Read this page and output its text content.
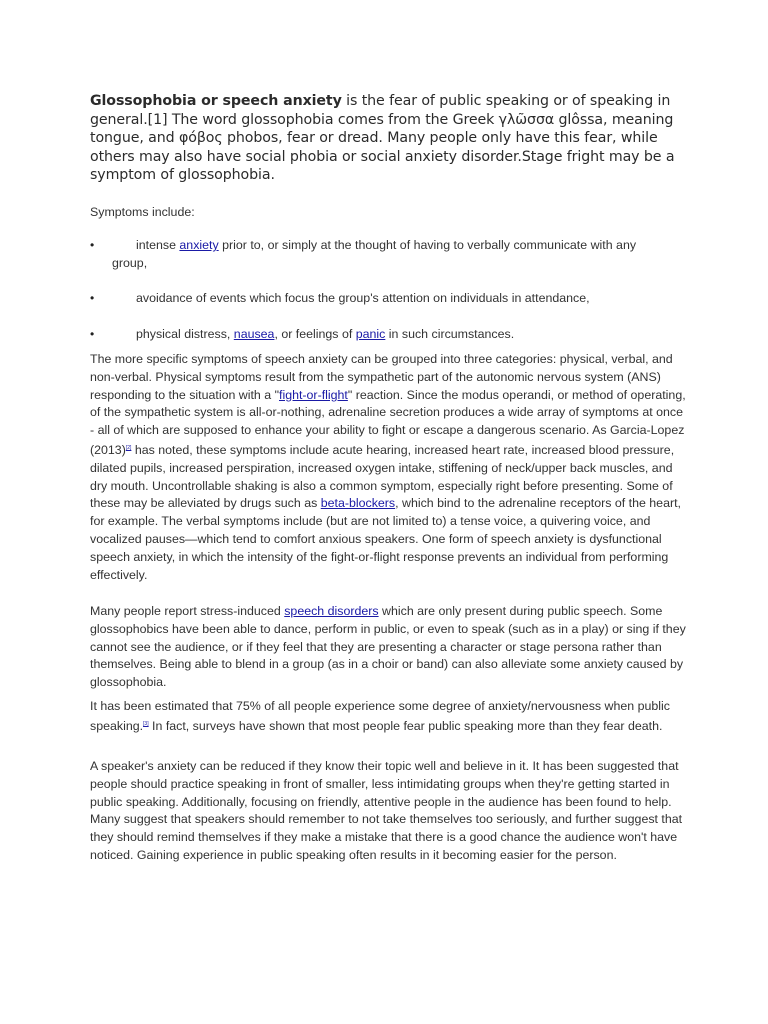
Glossophobia or speech anxiety is the fear of public speaking or of speaking in general.[1] The word glossophobia comes from the Greek γλῶσσα glôssa, meaning tongue, and φόβος phobos, fear or dread. Many people only have this fear, while others may also have social phobia or social anxiety disorder.Stage fright may be a symptom of glossophobia.

Symptoms include:

•	intense anxiety prior to, or simply at the thought of having to verbally communicate with any
group,
•	avoidance of events which focus the group's attention on individuals in attendance,
•	physical distress, nausea, or feelings of panic in such circumstances.

The more specific symptoms of speech anxiety can be grouped into three categories: physical, verbal, and non-verbal. Physical symptoms result from the sympathetic part of the autonomic nervous system (ANS) responding to the situation with a "fight-or-flight" reaction. Since the modus operandi, or method of operating, of the sympathetic system is all-or-nothing, adrenaline secretion produces a wide array of symptoms at once - all of which are supposed to enhance your ability to fight or escape a dangerous scenario. As Garcia-Lopez (2013)[2] has noted, these symptoms include acute hearing, increased heart rate, increased blood pressure, dilated pupils, increased perspiration, increased oxygen intake, stiffening of neck/upper back muscles, and dry mouth. Uncontrollable shaking is also a common symptom, especially right before presenting. Some of these may be alleviated by drugs such as beta-blockers, which bind to the adrenaline receptors of the heart, for example. The verbal symptoms include (but are not limited to) a tense voice, a quivering voice, and vocalized pauses—which tend to comfort anxious speakers. One form of speech anxiety is dysfunctional speech anxiety, in which the intensity of the fight-or-flight response prevents an individual from performing effectively.

Many people report stress-induced speech disorders which are only present during public speech. Some glossophobics have been able to dance, perform in public, or even to speak (such as in a play) or sing if they cannot see the audience, or if they feel that they are presenting a character or stage persona rather than themselves. Being able to blend in a group (as in a choir or band) can also alleviate some anxiety caused by glossophobia.

It has been estimated that 75% of all people experience some degree of anxiety/nervousness when public speaking.[3] In fact, surveys have shown that most people fear public speaking more than they fear death.

A speaker's anxiety can be reduced if they know their topic well and believe in it. It has been suggested that people should practice speaking in front of smaller, less intimidating groups when they're getting started in public speaking. Additionally, focusing on friendly, attentive people in the audience has been found to help. Many suggest that speakers should remember to not take themselves too seriously, and further suggest that they should remind themselves if they make a mistake that there is a good chance the audience won't have noticed. Gaining experience in public speaking often results in it becoming easier for the person.
